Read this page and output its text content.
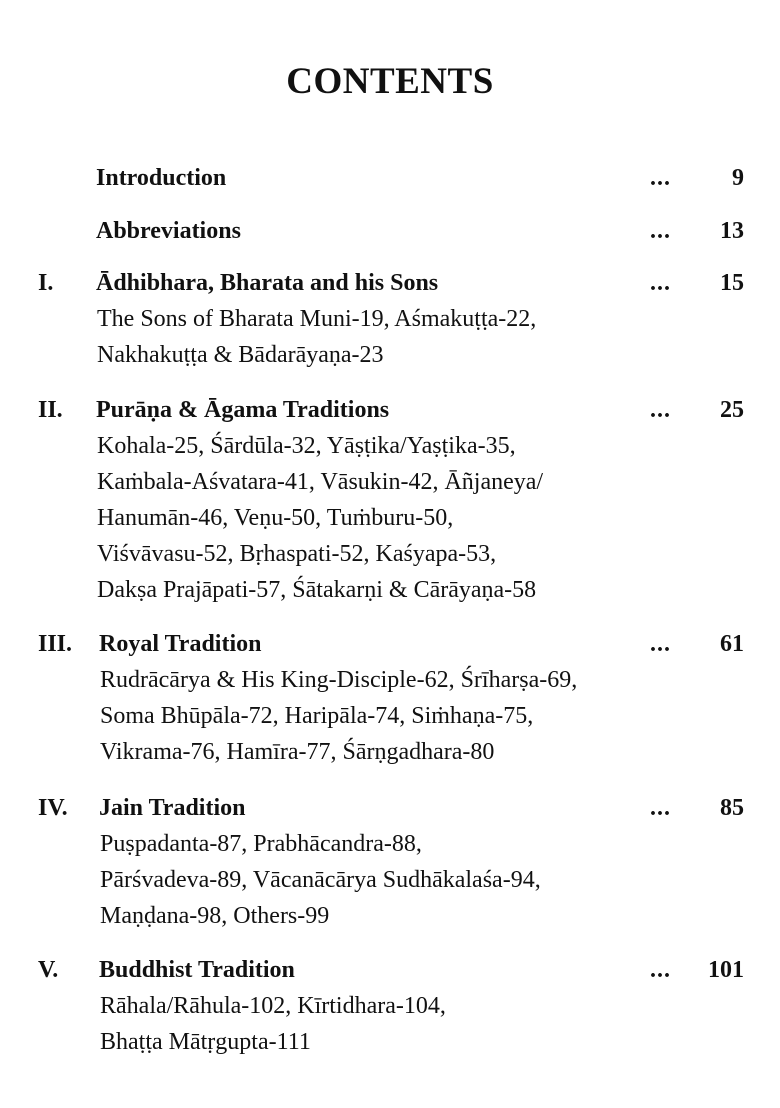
CONTENTS
Introduction	...	9
Abbreviations	... 13
I. Ādhibhara, Bharata and his Sons	... 15
The Sons of Bharata Muni-19, Aśmakuṭṭa-22,
Nakhakuṭṭa & Bādarāyaṇa-23
II. Purāṇa & Āgama Traditions	... 25
Kohala-25, Śārdūla-32, Yāṣṭika/Yaṣṭika-35,
Kaṁbala-Aśvatara-41, Vāsukin-42, Āñjaneya/
Hanumān-46, Veṇu-50, Tuṁburu-50,
Viśvāvasu-52, Bṛhaspati-52, Kaśyapa-53,
Dakṣa Prajāpati-57, Śātakarṇi & Cārāyaṇa-58
III. Royal Tradition	... 61
Rudrācārya & His King-Disciple-62, Śrīharṣa-69,
Soma Bhūpāla-72, Haripāla-74, Siṁhaṇa-75,
Vikrama-76, Hamīra-77, Śārṇgadhara-80
IV. Jain Tradition	... 85
Puṣpadanta-87, Prabhācandra-88,
Pārśvadeva-89, Vācanācārya Sudhākalaśa-94,
Maṇḍana-98, Others-99
V. Buddhist Tradition	... 101
Rāhala/Rāhula-102, Kīrtidhara-104,
Bhaṭṭa Mātṛgupta-111
